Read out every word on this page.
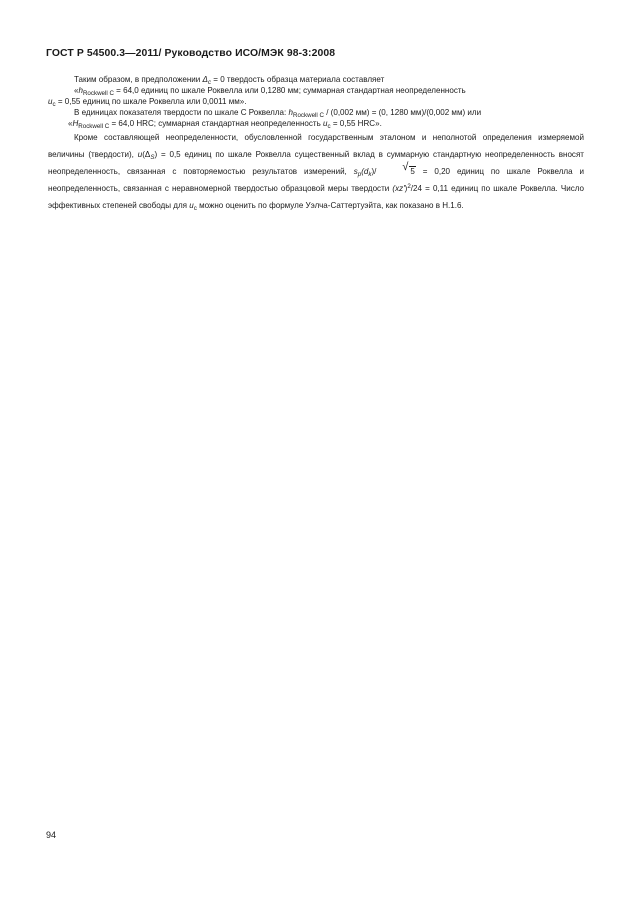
ГОСТ Р 54500.3—2011/ Руководство ИСО/МЭК 98-3:2008

Таким образом, в предположении $\Delta_c = 0$ твердость образца материала составляет

«$h_{Rockwell C} = 64,0$ единиц по шкале Роквелла или 0,1280 мм; суммарная стандартная неопределенность

$u_c = 0,55$ единиц по шкале Роквелла или 0,0011 мм».

В единицах показателя твердости по шкале С Роквелла: $h_{Rockwell C} / (0,002$ мм) = (0, 1280 мм)/(0,002 мм) или

«$H_{Rockwell C} = 64,0$ HRC; суммарная стандартная неопределенность $u_c = 0,55$ HRC».

Кроме составляющей неопределенности, обусловленной государственным эталоном и неполнотой определения измеряемой величины (твердости), $u(\Delta_S) = 0,5$ единиц по шкале Роквелла существенный вклад в суммарную стандартную неопределенность вносят неопределенность, связанная с повторяемостью результатов измерений, $s_p(d_k)/$	√ 5 = 0,20 единиц по шкале Роквелла и неопределенность, связанная с неравномерной твердостью образцовой меры твердости $(xz')^2/24 = 0,11$ единиц по шкале Роквелла. Число эффективных степеней свободы для $u_c$ можно оценить по формуле Уэлча-Саттертуэйта, как показано в Н.1.6.

94
